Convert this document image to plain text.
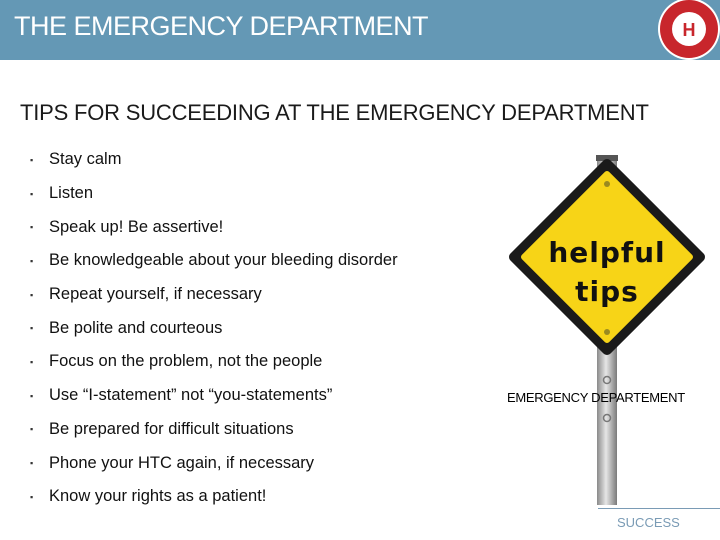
THE EMERGENCY DEPARTMENT	H
TIPS FOR SUCCEEDING AT THE EMERGENCY DEPARTMENT
▪ Stay calm
▪ Listen
▪ Speak up! Be assertive!
▪ Be knowledgeable about your bleeding disorder
▪ Repeat yourself, if necessary
▪ Be polite and courteous
▪ Focus on the problem, not the people
▪ Use “I-statement” not “you-statements”
▪ Be prepared for difficult situations
▪ Phone your HTC again, if necessary
▪ Know your rights as a patient!
helpful
tips
EMERGENCY DEPARTEMENT
SUCCESS
